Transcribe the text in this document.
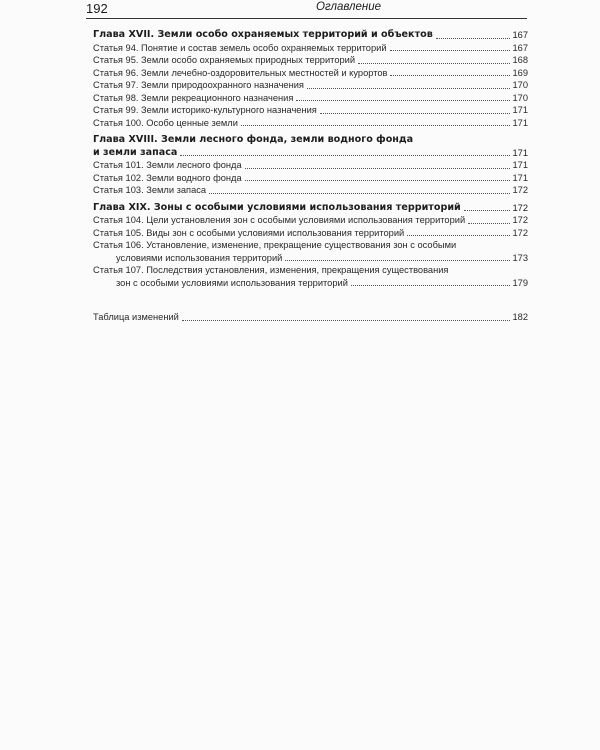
192	Оглавление
Глава XVII. Земли особо охраняемых территорий и объектов	167
Статья 94. Понятие и состав земель особо охраняемых территорий	167
Статья 95. Земли особо охраняемых природных территорий	168
Статья 96. Земли лечебно-оздоровительных местностей и курортов	169
Статья 97. Земли природоохранного назначения	170
Статья 98. Земли рекреационного назначения	170
Статья 99. Земли историко-культурного назначения	171
Статья 100. Особо ценные земли	171
Глава XVIII. Земли лесного фонда, земли водного фонда
и земли запаса	171
Статья 101. Земли лесного фонда	171
Статья 102. Земли водного фонда	171
Статья 103. Земли запаса	172
Глава XIX. Зоны с особыми условиями использования территорий	172
Статья 104. Цели установления зон с особыми условиями использования территорий	172
Статья 105. Виды зон с особыми условиями использования территорий	172
Статья 106. Установление, изменение, прекращение существования зон с особыми
условиями использования территорий	173
Статья 107. Последствия установления, изменения, прекращения существования
зон с особыми условиями использования территорий	179
Таблица изменений	182
